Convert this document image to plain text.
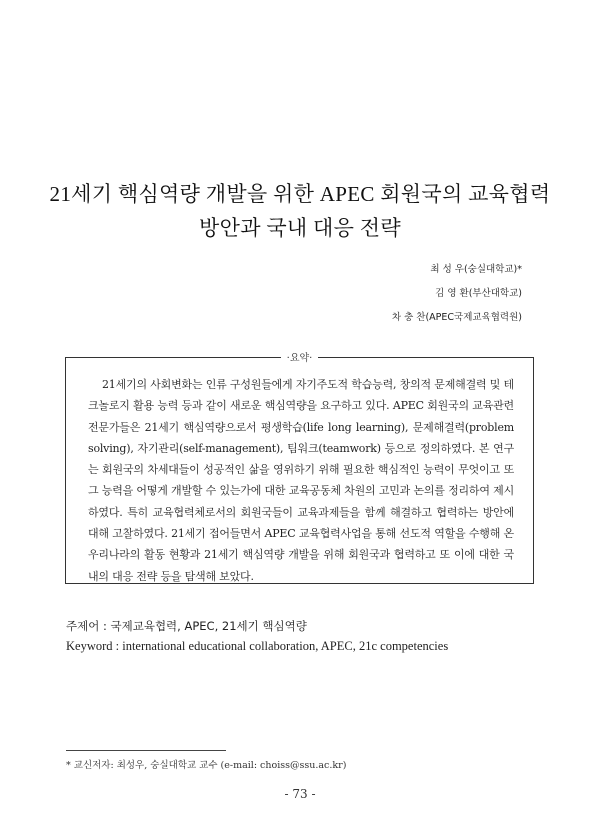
21세기 핵심역량 개발을 위한 APEC 회원국의 교육협력
방안과 국내 대응 전략
최 성 우(숭실대학교)*
김 영 환(부산대학교)
차 충 찬(APEC국제교육협력원)
·요약·

21세기의 사회변화는 인류 구성원들에게 자기주도적 학습능력, 창의적 문제해결력 및 테크놀로지 활용 능력 등과 같이 새로운 핵심역량을 요구하고 있다. APEC 회원국의 교육관련 전문가들은 21세기 핵심역량으로서 평생학습(life long learning), 문제해결력(problem solving), 자기관리(self-management), 팀워크(teamwork) 등으로 정의하였다. 본 연구는 회원국의 차세대들이 성공적인 삶을 영위하기 위해 필요한 핵심적인 능력이 무엇이고 또 그 능력을 어떻게 개발할 수 있는가에 대한 교육공동체 차원의 고민과 논의를 정리하여 제시하였다. 특히 교육협력체로서의 회원국들이 교육과제들을 함께 해결하고 협력하는 방안에 대해 고찰하였다. 21세기 접어들면서 APEC 교육협력사업을 통해 선도적 역할을 수행해 온 우리나라의 활동 현황과 21세기 핵심역량 개발을 위해 회원국과 협력하고 또 이에 대한 국내의 대응 전략 등을 탐색해 보았다.

주제어 : 국제교육협력, APEC, 21세기 핵심역량
Keyword : international educational collaboration, APEC, 21c competencies
* 교신저자: 최성우, 숭실대학교 교수 (e-mail: choiss@ssu.ac.kr)
- 73 -
